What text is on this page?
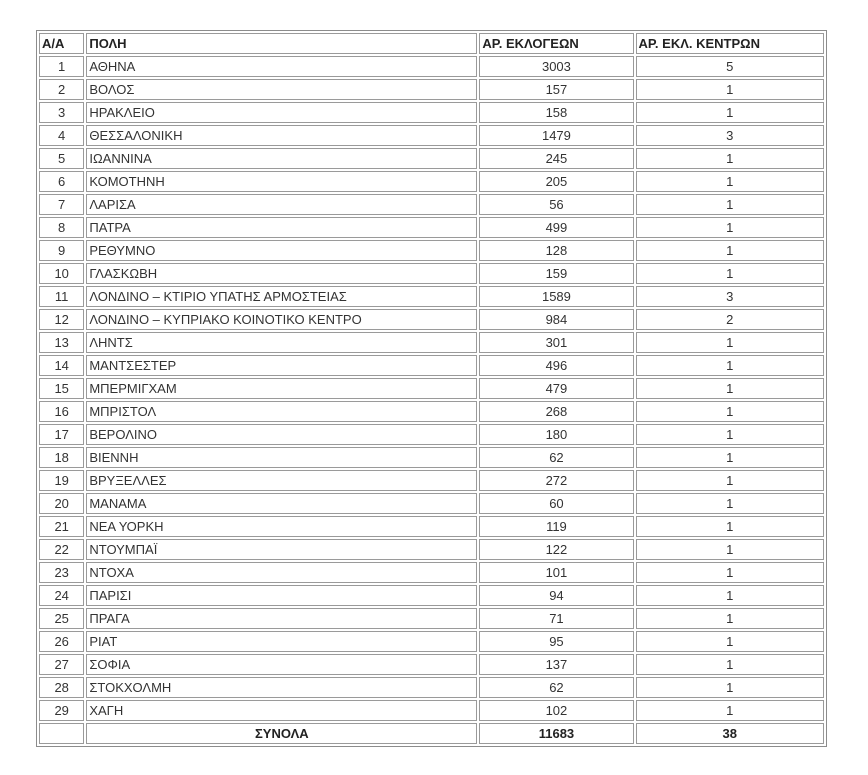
Α/Α	ΠΟΛΗ	ΑΡ. ΕΚΛΟΓΕΩΝ	ΑΡ. ΕΚΛ. ΚΕΝΤΡΩΝ
1	ΑΘΗΝΑ	3003	5
2	ΒΟΛΟΣ	157	1
3	ΗΡΑΚΛΕΙΟ	158	1
4	ΘΕΣΣΑΛΟΝΙΚΗ	1479	3
5	ΙΩΑΝΝΙΝΑ	245	1
6	ΚΟΜΟΤΗΝΗ	205	1
7	ΛΑΡΙΣΑ	56	1
8	ΠΑΤΡΑ	499	1
9	ΡΕΘΥΜΝΟ	128	1
10	ΓΛΑΣΚΩΒΗ	159	1
11	ΛΟΝΔΙΝΟ – ΚΤΙΡΙΟ ΥΠΑΤΗΣ ΑΡΜΟΣΤΕΙΑΣ	1589	3
12	ΛΟΝΔΙΝΟ – ΚΥΠΡΙΑΚΟ ΚΟΙΝΟΤΙΚΟ ΚΕΝΤΡΟ	984	2
13	ΛΗΝΤΣ	301	1
14	ΜΑΝΤΣΕΣΤΕΡ	496	1
15	ΜΠΕΡΜΙΓΧΑΜ	479	1
16	ΜΠΡΙΣΤΟΛ	268	1
17	ΒΕΡΟΛΙΝΟ	180	1
18	ΒΙΕΝΝΗ	62	1
19	ΒΡΥΞΕΛΛΕΣ	272	1
20	ΜΑΝΑΜΑ	60	1
21	ΝΕΑ ΥΟΡΚΗ	119	1
22	ΝΤΟΥΜΠΑΪ	122	1
23	ΝΤΟΧΑ	101	1
24	ΠΑΡΙΣΙ	94	1
25	ΠΡΑΓΑ	71	1
26	ΡΙΑΤ	95	1
27	ΣΟΦΙΑ	137	1
28	ΣΤΟΚΧΟΛΜΗ	62	1
29	ΧΑΓΗ	102	1
	ΣΥΝΟΛΑ	11683	38
